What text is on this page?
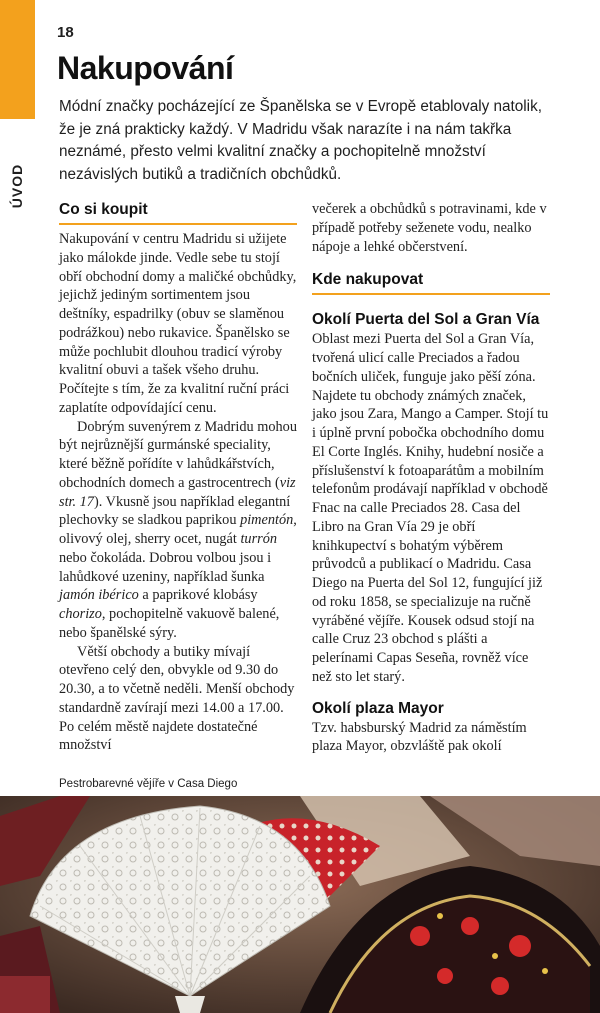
ÚVOD
18
Nakupování

Módní značky pocházející ze Španělska se v Evropě etablovaly natolik, že je zná prakticky každý. V Madridu však narazíte i na nám takřka neznámé, přesto velmi kvalitní značky a pochopitelně množství nezávislých butiků a tradičních obchůdků.

Co si koupit

Nakupování v centru Madridu si užijete jako málokde jinde. Vedle sebe tu stojí obří obchodní domy a maličké obchůdky, jejichž jediným sortimentem jsou deštníky, espadrilky (obuv se slaměnou podrážkou) nebo rukavice. Španělsko se může pochlubit dlouhou tradicí výroby kvalitní obuvi a tašek všeho druhu. Počítejte s tím, že za kvalitní ruční práci zaplatíte odpovídající cenu.

Dobrým suvenýrem z Madridu mohou být nejrůznější gurmánské speciality, které běžně pořídíte v lahůdkářstvích, obchodních domech a gastrocentrech (viz str. 17). Vkusně jsou například elegantní plechovky se sladkou paprikou pimentón, olivový olej, sherry ocet, nugát turrón nebo čokoláda. Dobrou volbou jsou i lahůdkové uzeniny, například šunka jamón ibérico a paprikové klobásy chorizo, pochopitelně vakuově balené, nebo španělské sýry.

Větší obchody a butiky mívají otevřeno celý den, obvykle od 9.30 do 20.30, a to včetně neděli. Menší obchody standardně zavírají mezi 14.00 a 17.00. Po celém městě najdete dostatečné množství

večerek a obchůdků s potravinami, kde v případě potřeby seženete vodu, nealko nápoje a lehké občerstvení.

Kde nakupovat
Okolí Puerta del Sol a Gran Vía

Oblast mezi Puerta del Sol a Gran Vía, tvořená ulicí calle Preciados a řadou bočních uliček, funguje jako pěší zóna. Najdete tu obchody známých značek, jako jsou Zara, Mango a Camper. Stojí tu i úplně první pobočka obchodního domu El Corte Inglés. Knihy, hudební nosiče a příslušenství k fotoaparátům a mobilním telefonům prodávají například v obchodě Fnac na calle Preciados 28. Casa del Libro na Gran Vía 29 je obří knihkupectví s bohatým výběrem průvodců a publikací o Madridu. Casa Diego na Puerta del Sol 12, fungující již od roku 1858, se specializuje na ručně vyráběné vějíře. Kousek odsud stojí na calle Cruz 23 obchod s plášti a pelerínami Capas Seseña, rovněž více než sto let starý.

Okolí plaza Mayor

Tzv. habsburský Madrid za náměstím plaza Mayor, obzvláště pak okolí

Pestrobarevné vějíře v Casa Diego
